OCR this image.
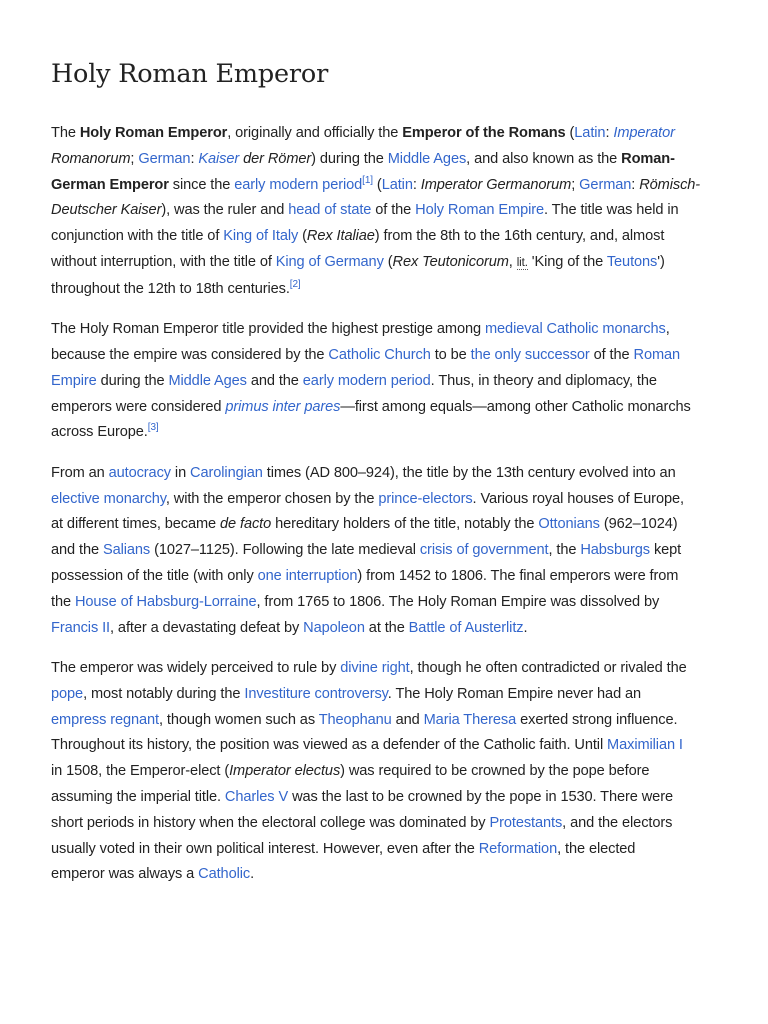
Holy Roman Emperor
The Holy Roman Emperor, originally and officially the Emperor of the Romans (Latin: Imperator
Romanorum; German: Kaiser der Römer) during the Middle Ages, and also known as the Roman-
German Emperor since the early modern period[1] (Latin: Imperator Germanorum; German: Römisch-
Deutscher Kaiser), was the ruler and head of state of the Holy Roman Empire. The title was held in
conjunction with the title of King of Italy (Rex Italiae) from the 8th to the 16th century, and, almost
without interruption, with the title of King of Germany (Rex Teutonicorum, lit. 'King of the Teutons')
throughout the 12th to 18th centuries.[2]
The Holy Roman Emperor title provided the highest prestige among medieval Catholic monarchs,
because the empire was considered by the Catholic Church to be the only successor of the Roman
Empire during the Middle Ages and the early modern period. Thus, in theory and diplomacy, the
emperors were considered primus inter pares—first among equals—among other Catholic monarchs
across Europe.[3]
From an autocracy in Carolingian times (AD 800–924), the title by the 13th century evolved into an
elective monarchy, with the emperor chosen by the prince-electors. Various royal houses of Europe,
at different times, became de facto hereditary holders of the title, notably the Ottonians (962–1024)
and the Salians (1027–1125). Following the late medieval crisis of government, the Habsburgs kept
possession of the title (with only one interruption) from 1452 to 1806. The final emperors were from
the House of Habsburg-Lorraine, from 1765 to 1806. The Holy Roman Empire was dissolved by
Francis II, after a devastating defeat by Napoleon at the Battle of Austerlitz.
The emperor was widely perceived to rule by divine right, though he often contradicted or rivaled the
pope, most notably during the Investiture controversy. The Holy Roman Empire never had an
empress regnant, though women such as Theophanu and Maria Theresa exerted strong influence.
Throughout its history, the position was viewed as a defender of the Catholic faith. Until Maximilian I
in 1508, the Emperor-elect (Imperator electus) was required to be crowned by the pope before
assuming the imperial title. Charles V was the last to be crowned by the pope in 1530. There were
short periods in history when the electoral college was dominated by Protestants, and the electors
usually voted in their own political interest. However, even after the Reformation, the elected
emperor was always a Catholic.
